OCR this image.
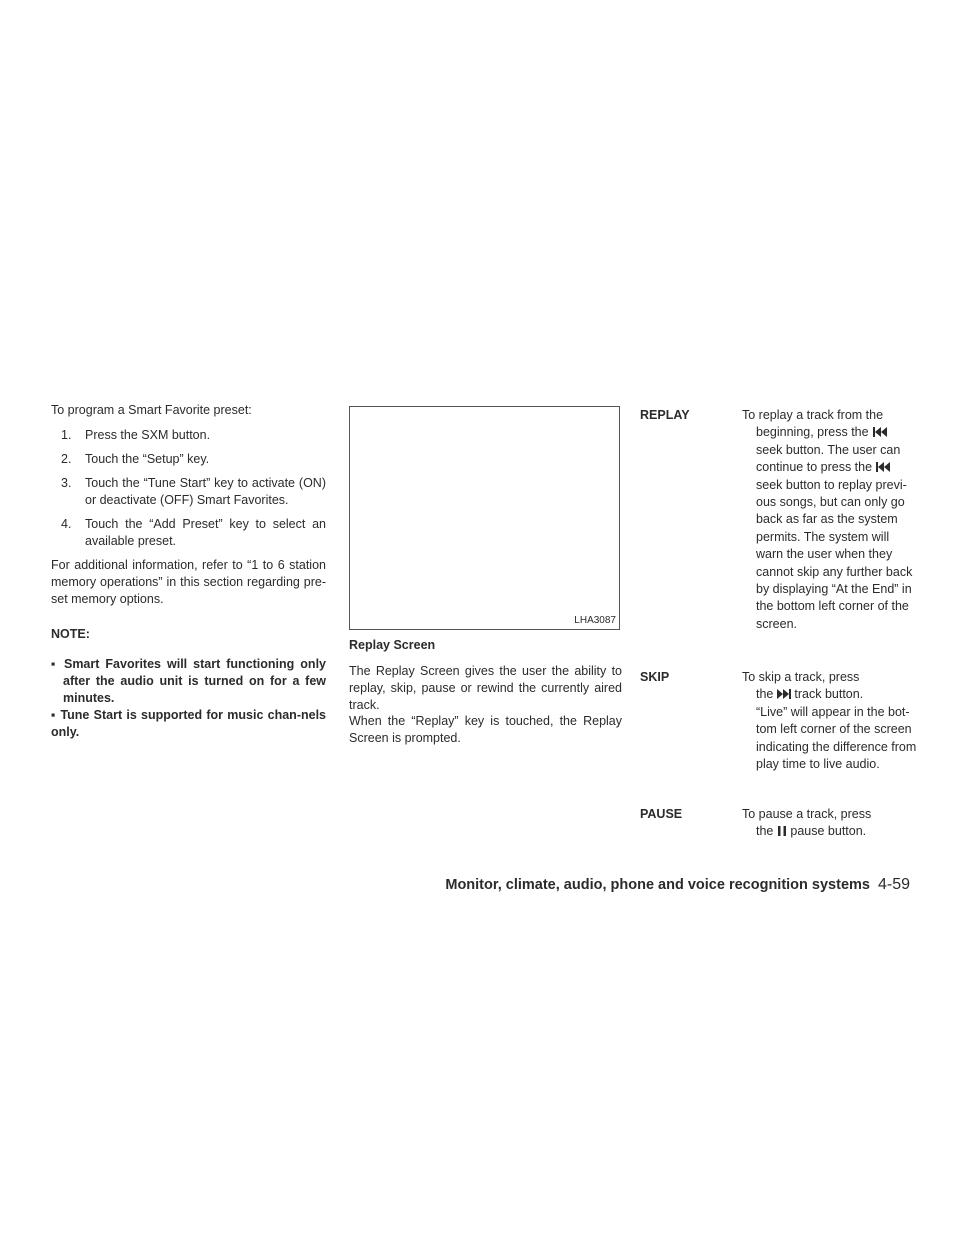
To program a Smart Favorite preset:

1. Press the SXM button.
2. Touch the “Setup” key.
3. Touch the “Tune Start” key to activate (ON) or deactivate (OFF) Smart Favorites.
4. Touch the “Add Preset” key to select an available preset.

For additional information, refer to “1 to 6 station memory operations” in this section regarding pre-set memory options.

NOTE:

▪ Smart Favorites will start functioning only after the audio unit is turned on for a few minutes.

▪ Tune Start is supported for music chan-nels only.

LHA3087
Replay Screen

The Replay Screen gives the user the ability to replay, skip, pause or rewind the currently aired track.

When the “Replay” key is touched, the Replay Screen is prompted.

REPLAY	To replay a track from the
beginning, press the
seek button. The user can
continue to press the
seek button to replay previ-ous songs, but can only go back as far as the system permits. The system will warn the user when they cannot skip any further back by displaying “At the End” in the bottom left corner of the screen.
SKIP	To skip a track, press
the track button.
“Live” will appear in the bot-tom left corner of the screen indicating the difference from play time to live audio.
PAUSE	To pause a track, press
the pause button.
Monitor, climate, audio, phone and voice recognition systems 4-59
